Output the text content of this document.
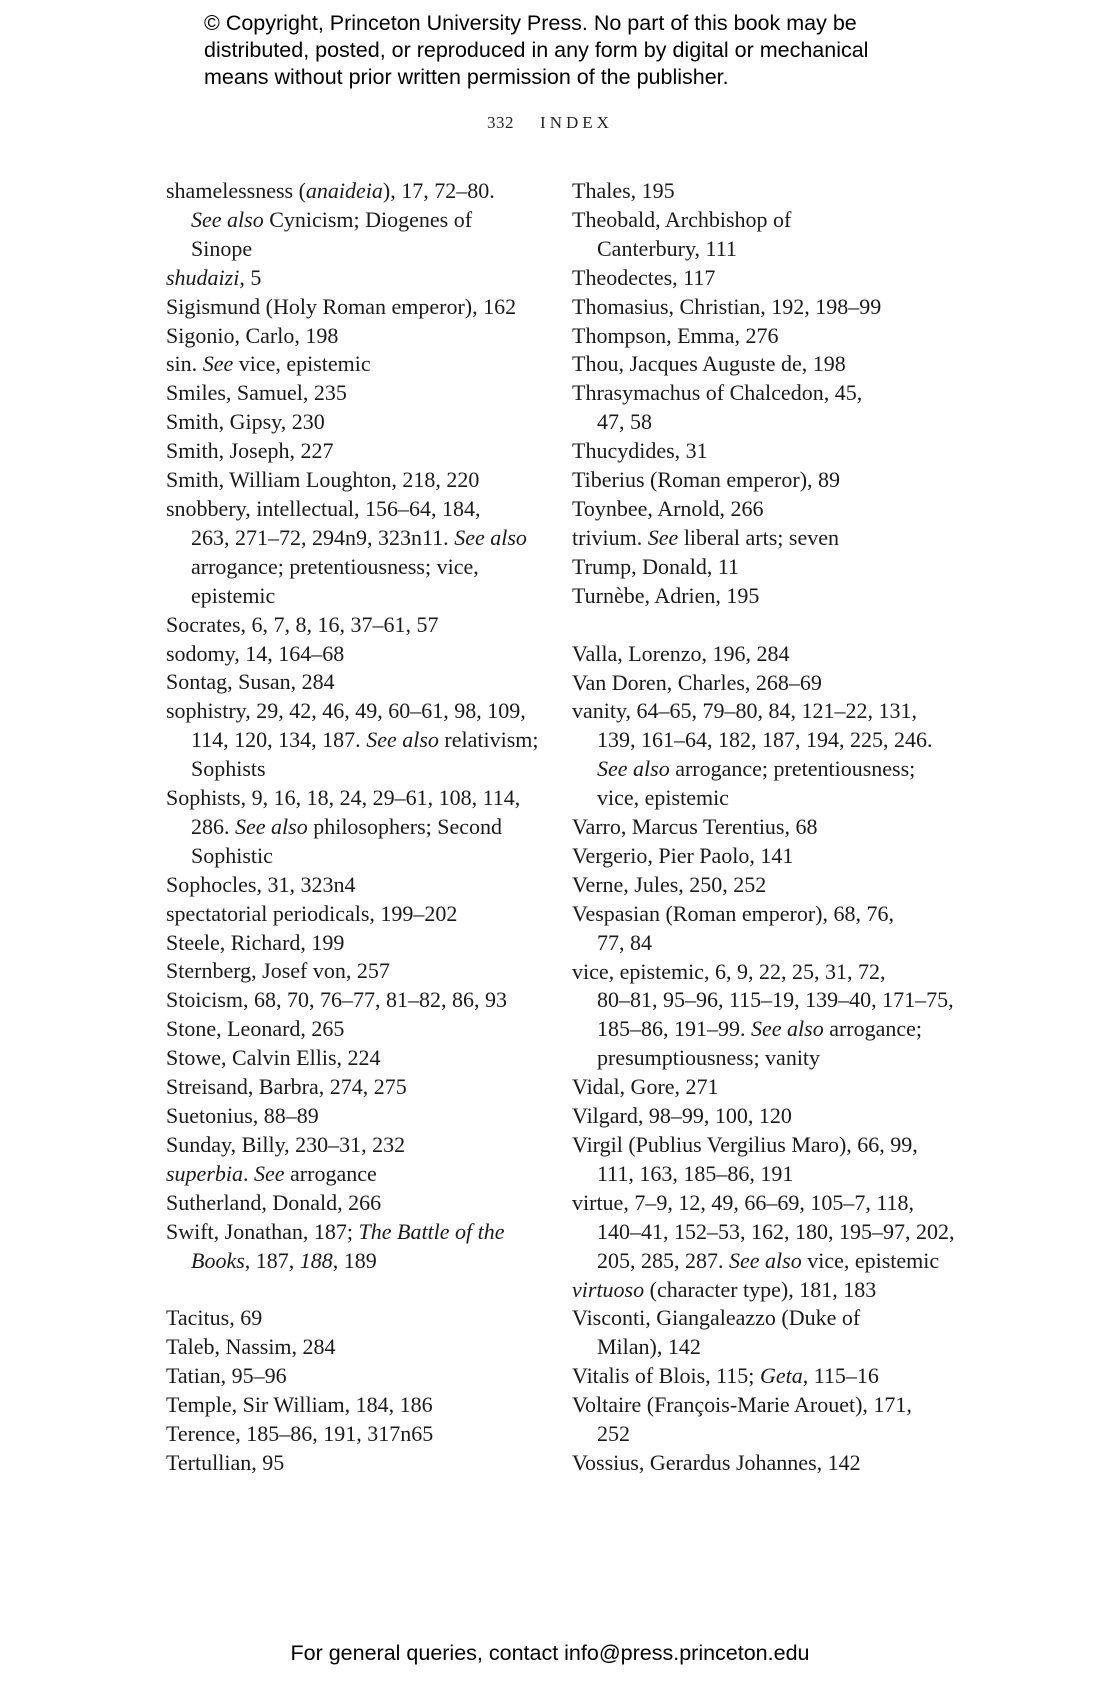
© Copyright, Princeton University Press. No part of this book may be
distributed, posted, or reproduced in any form by digital or mechanical
means without prior written permission of the publisher.
332 INDEX
shamelessness (anaideia), 17, 72–80.
See also Cynicism; Diogenes of
Sinope
shudaizi, 5
Sigismund (Holy Roman emperor), 162
Sigonio, Carlo, 198
sin. See vice, epistemic
Smiles, Samuel, 235
Smith, Gipsy, 230
Smith, Joseph, 227
Smith, William Loughton, 218, 220
snobbery, intellectual, 156–64, 184,
263, 271–72, 294n9, 323n11. See also
arrogance; pretentiousness; vice,
epistemic
Socrates, 6, 7, 8, 16, 37–61, 57
sodomy, 14, 164–68
Sontag, Susan, 284
sophistry, 29, 42, 46, 49, 60–61, 98, 109,
114, 120, 134, 187. See also relativism;
Sophists
Sophists, 9, 16, 18, 24, 29–61, 108, 114,
286. See also philosophers; Second
Sophistic
Sophocles, 31, 323n4
spectatorial periodicals, 199–202
Steele, Richard, 199
Sternberg, Josef von, 257
Stoicism, 68, 70, 76–77, 81–82, 86, 93
Stone, Leonard, 265
Stowe, Calvin Ellis, 224
Streisand, Barbra, 274, 275
Suetonius, 88–89
Sunday, Billy, 230–31, 232
superbia. See arrogance
Sutherland, Donald, 266
Swift, Jonathan, 187; The Battle of the
Books, 187, 188, 189
Tacitus, 69
Taleb, Nassim, 284
Tatian, 95–96
Temple, Sir William, 184, 186
Terence, 185–86, 191, 317n65
Tertullian, 95
Thales, 195
Theobald, Archbishop of
Canterbury, 111
Theodectes, 117
Thomasius, Christian, 192, 198–99
Thompson, Emma, 276
Thou, Jacques Auguste de, 198
Thrasymachus of Chalcedon, 45,
47, 58
Thucydides, 31
Tiberius (Roman emperor), 89
Toynbee, Arnold, 266
trivium. See liberal arts; seven
Trump, Donald, 11
Turnèbe, Adrien, 195
Valla, Lorenzo, 196, 284
Van Doren, Charles, 268–69
vanity, 64–65, 79–80, 84, 121–22, 131,
139, 161–64, 182, 187, 194, 225, 246.
See also arrogance; pretentiousness;
vice, epistemic
Varro, Marcus Terentius, 68
Vergerio, Pier Paolo, 141
Verne, Jules, 250, 252
Vespasian (Roman emperor), 68, 76,
77, 84
vice, epistemic, 6, 9, 22, 25, 31, 72,
80–81, 95–96, 115–19, 139–40, 171–75,
185–86, 191–99. See also arrogance;
presumptiousness; vanity
Vidal, Gore, 271
Vilgard, 98–99, 100, 120
Virgil (Publius Vergilius Maro), 66, 99,
111, 163, 185–86, 191
virtue, 7–9, 12, 49, 66–69, 105–7, 118,
140–41, 152–53, 162, 180, 195–97, 202,
205, 285, 287. See also vice, epistemic
virtuoso (character type), 181, 183
Visconti, Giangaleazzo (Duke of
Milan), 142
Vitalis of Blois, 115; Geta, 115–16
Voltaire (François-Marie Arouet), 171,
252
Vossius, Gerardus Johannes, 142
For general queries, contact info@press.princeton.edu
